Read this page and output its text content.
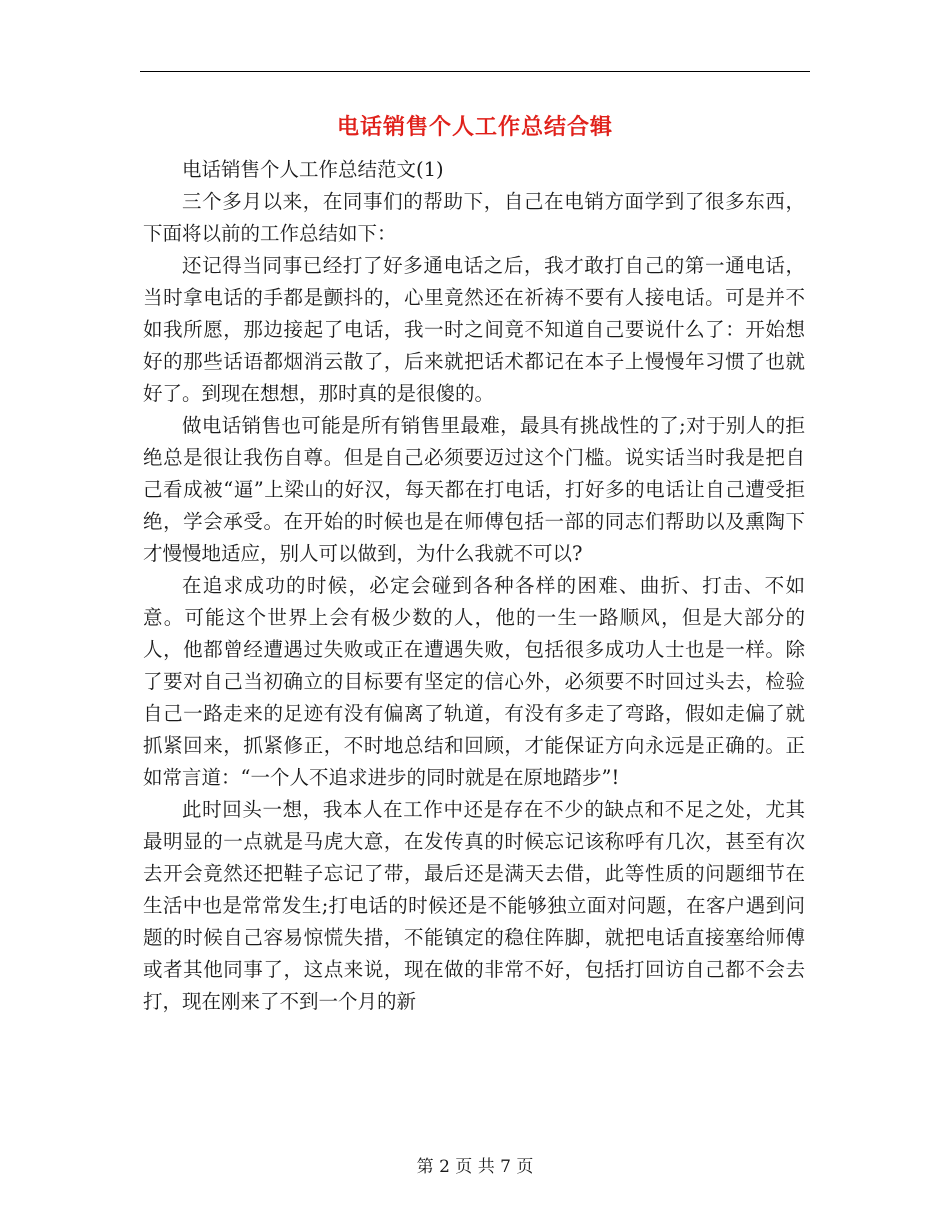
电话销售个人工作总结合辑

电话销售个人工作总结范文(1)

三个多月以来，在同事们的帮助下，自己在电销方面学到了很多东西，下面将以前的工作总结如下：

还记得当同事已经打了好多通电话之后，我才敢打自己的第一通电话，当时拿电话的手都是颤抖的，心里竟然还在祈祷不要有人接电话。可是并不如我所愿，那边接起了电话，我一时之间竟不知道自己要说什么了：开始想好的那些话语都烟消云散了，后来就把话术都记在本子上慢慢年习惯了也就好了。到现在想想，那时真的是很傻的。

做电话销售也可能是所有销售里最难，最具有挑战性的了;对于别人的拒绝总是很让我伤自尊。但是自己必须要迈过这个门槛。说实话当时我是把自己看成被“逼”上梁山的好汉，每天都在打电话，打好多的电话让自己遭受拒绝，学会承受。在开始的时候也是在师傅包括一部的同志们帮助以及熏陶下才慢慢地适应，别人可以做到，为什么我就不可以?

在追求成功的时候，必定会碰到各种各样的困难、曲折、打击、不如意。可能这个世界上会有极少数的人，他的一生一路顺风，但是大部分的人，他都曾经遭遇过失败或正在遭遇失败，包括很多成功人士也是一样。除了要对自己当初确立的目标要有坚定的信心外，必须要不时回过头去，检验自己一路走来的足迹有没有偏离了轨道，有没有多走了弯路，假如走偏了就抓紧回来，抓紧修正，不时地总结和回顾，才能保证方向永远是正确的。正如常言道：“一个人不追求进步的同时就是在原地踏步”!

此时回头一想，我本人在工作中还是存在不少的缺点和不足之处，尤其最明显的一点就是马虎大意，在发传真的时候忘记该称呼有几次，甚至有次去开会竟然还把鞋子忘记了带，最后还是满天去借，此等性质的问题细节在生活中也是常常发生;打电话的时候还是不能够独立面对问题，在客户遇到问题的时候自己容易惊慌失措，不能镇定的稳住阵脚，就把电话直接塞给师傅或者其他同事了，这点来说，现在做的非常不好，包括打回访自己都不会去打，现在刚来了不到一个月的新

第 2 页 共 7 页
